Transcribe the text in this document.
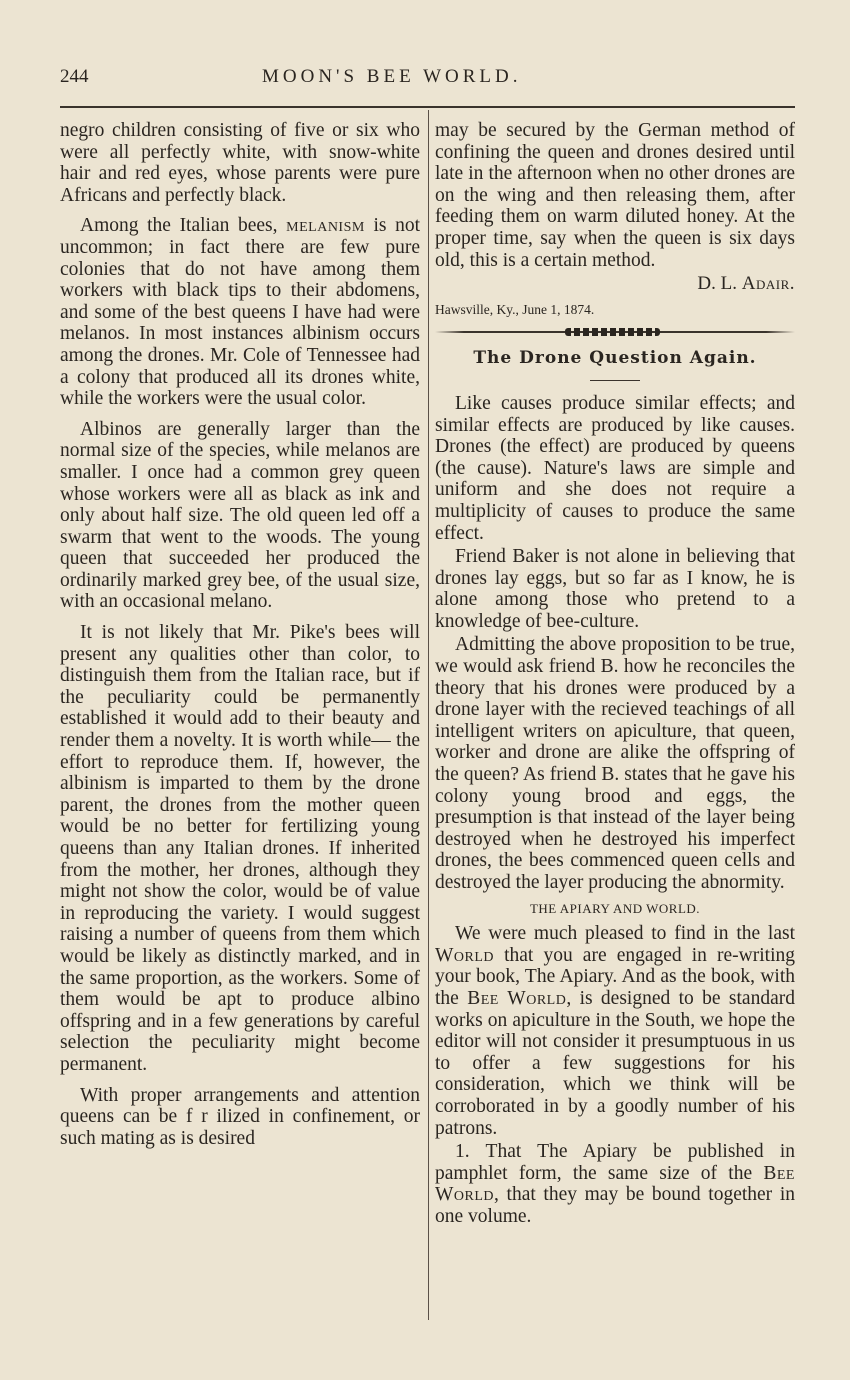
244	MOON'S BEE WORLD.

negro children consisting of five or six who were all perfectly white, with snow-white hair and red eyes, whose parents were pure Africans and perfectly black.

Among the Italian bees, melanism is not uncommon; in fact there are few pure colonies that do not have among them workers with black tips to their abdomens, and some of the best queens I have had were melanos. In most instances albinism occurs among the drones. Mr. Cole of Tennessee had a colony that produced all its drones white, while the workers were the usual color.

Albinos are generally larger than the normal size of the species, while melanos are smaller. I once had a common grey queen whose workers were all as black as ink and only about half size. The old queen led off a swarm that went to the woods. The young queen that succeeded her produced the ordinarily marked grey bee, of the usual size, with an occasional melano.

It is not likely that Mr. Pike's bees will present any qualities other than color, to distinguish them from the Italian race, but if the peculiarity could be permanently established it would add to their beauty and render them a novelty. It is worth while— the effort to reproduce them. If, however, the albinism is imparted to them by the drone parent, the drones from the mother queen would be no better for fertilizing young queens than any Italian drones. If inherited from the mother, her drones, although they might not show the color, would be of value in reproducing the variety. I would suggest raising a number of queens from them which would be likely as distinctly marked, and in the same proportion, as the workers. Some of them would be apt to produce albino offspring and in a few generations by careful selection the peculiarity might become permanent.

With proper arrangements and attention queens can be f r ilized in confinement, or such mating as is desired

may be secured by the German method of confining the queen and drones desired until late in the afternoon when no other drones are on the wing and then releasing them, after feeding them on warm diluted honey. At the proper time, say when the queen is six days old, this is a certain method.

D. L. Adair.

Hawsville, Ky., June 1, 1874.

The Drone Question Again.

Like causes produce similar effects; and similar effects are produced by like causes. Drones (the effect) are produced by queens (the cause). Nature's laws are simple and uniform and she does not require a multiplicity of causes to produce the same effect.

Friend Baker is not alone in believing that drones lay eggs, but so far as I know, he is alone among those who pretend to a knowledge of bee-culture.

Admitting the above proposition to be true, we would ask friend B. how he reconciles the theory that his drones were produced by a drone layer with the recieved teachings of all intelligent writers on apiculture, that queen, worker and drone are alike the offspring of the queen? As friend B. states that he gave his colony young brood and eggs, the presumption is that instead of the layer being destroyed when he destroyed his imperfect drones, the bees commenced queen cells and destroyed the layer producing the abnormity.

THE APIARY AND WORLD.

We were much pleased to find in the last World that you are engaged in re-writing your book, The Apiary. And as the book, with the Bee World, is designed to be standard works on apiculture in the South, we hope the editor will not consider it presumptuous in us to offer a few suggestions for his consideration, which we think will be corroborated in by a goodly number of his patrons.

1. That The Apiary be published in pamphlet form, the same size of the Bee World, that they may be bound together in one volume.
